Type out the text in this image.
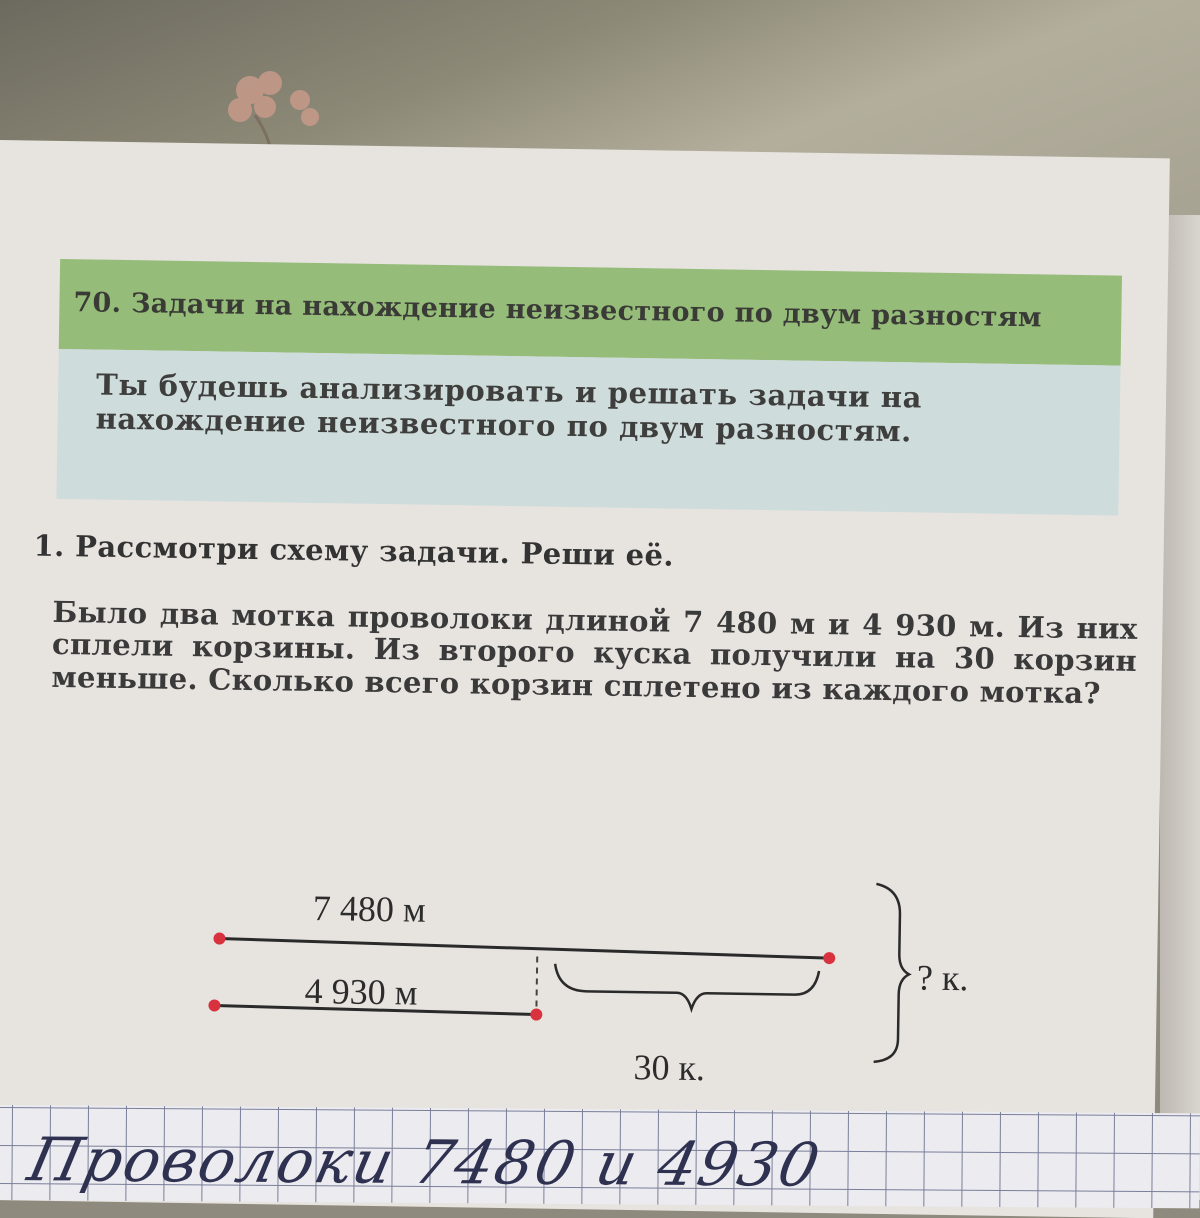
70. Задачи на нахождение неизвестного по двум разностям
Ты будешь анализировать и решать задачи на нахождение неизвестного по двум разностям.
1. Рассмотри схему задачи. Реши её.
Было два мотка проволоки длиной 7 480 м и 4 930 м. Из них сплели корзины. Из второго куска получили на 30 корзин меньше. Сколько всего корзин сплетено из каждого мотка?
7 480 м
4 930 м
30 к.
? к.
Проволоки 7480 и 4930
